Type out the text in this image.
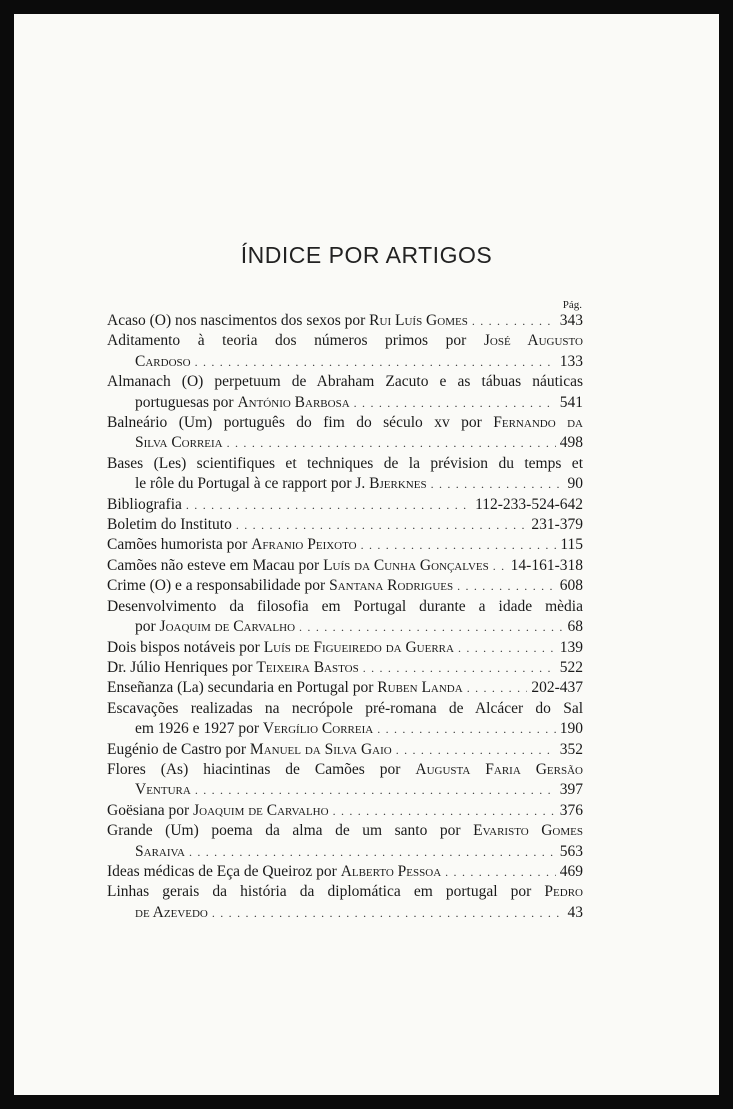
ÍNDICE POR ARTIGOS
Pág.
Acaso (O) nos nascimentos dos sexos por Rui Luís Gomes . . .	343
Aditamento à teoria dos números primos por José Augusto
Cardoso . . .	133
Almanach (O) perpetuum de Abraham Zacuto e as tábuas náuticas
portuguesas por António Barbosa . . .	541
Balneário (Um) português do fim do século xv por Fernando da
Silva Correia . . .	498
Bases (Les) scientifiques et techniques de la prévision du temps et
le rôle du Portugal à ce rapport por J. Bjerknes . . .	90
Bibliografia . . .	112-233-524-642
Boletim do Instituto . . .	231-379
Camões humorista por Afranio Peixoto . . .	115
Camões não esteve em Macau por Luís da Cunha Gonçalves . . . 14-161-318
Crime (O) e a responsabilidade por Santana Rodrigues . . .	608
Desenvolvimento da filosofia em Portugal durante a idade mèdia
por Joaquim de Carvalho . . .	68
Dois bispos notáveis por Luís de Figueiredo da Guerra . . .	139
Dr. Júlio Henriques por Teixeira Bastos . . .	522
Enseñanza (La) secundaria en Portugal por Ruben Landa . . .	202-437
Escavações realizadas na necrópole pré-romana de Alcácer do Sal
em 1926 e 1927 por Vergílio Correia . . .	190
Eugénio de Castro por Manuel da Silva Gaio . . .	352
Flores (As) hiacintinas de Camões por Augusta Faria Gersão
Ventura . . .	397
Goësiana por Joaquim de Carvalho . . .	376
Grande (Um) poema da alma de um santo por Evaristo Gomes
Saraiva . . .	563
Ideas médicas de Eça de Queiroz por Alberto Pessoa . . .	469
Linhas gerais da história da diplomática em portugal por Pedro
de Azevedo . . .	43
